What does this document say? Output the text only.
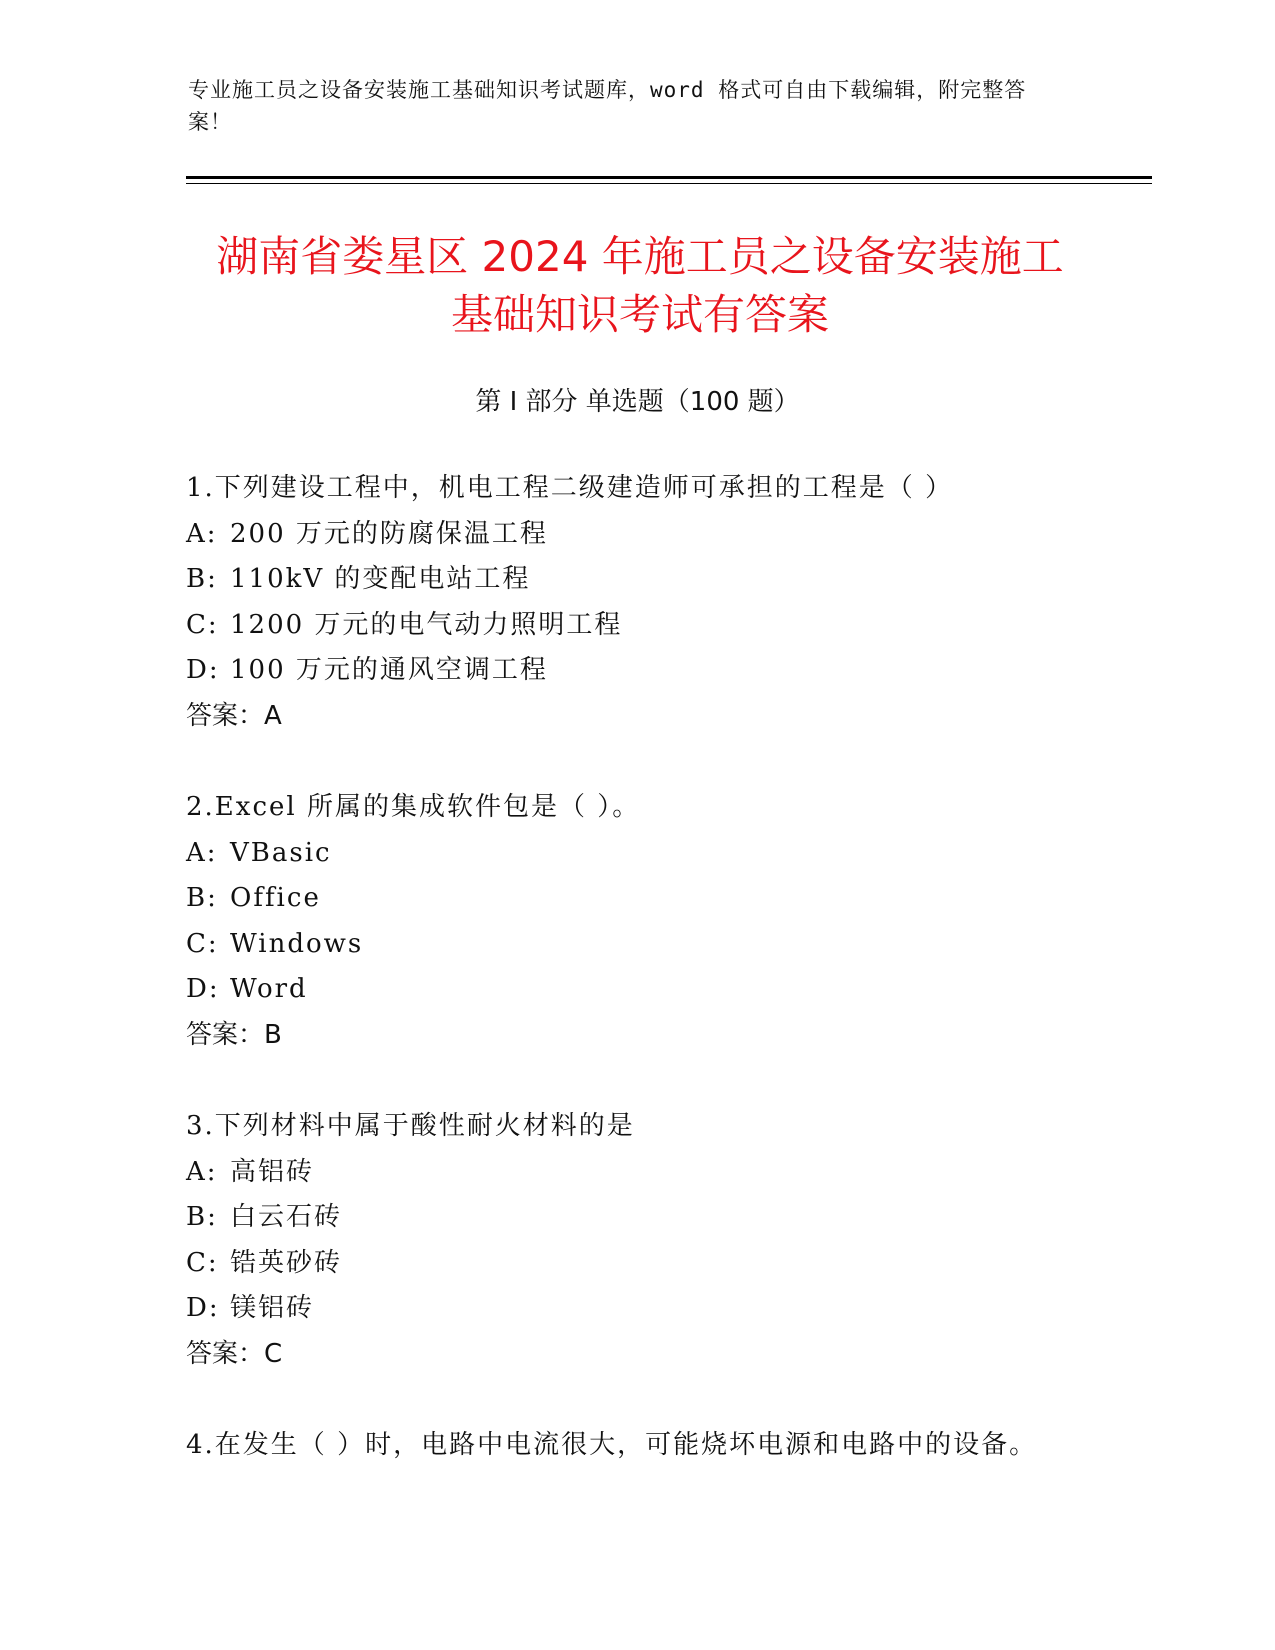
专业施工员之设备安装施工基础知识考试题库，word 格式可自由下载编辑，附完整答案！
湖南省娄星区 2024 年施工员之设备安装施工
基础知识考试有答案
第 I 部分 单选题（100 题）
1.下列建设工程中，机电工程二级建造师可承担的工程是（ ）
A: 200 万元的防腐保温工程
B: 110kV 的变配电站工程
C: 1200 万元的电气动力照明工程
D: 100 万元的通风空调工程
答案：A
2.Excel 所属的集成软件包是（ ）。
A: VBasic
B: Office
C: Windows
D: Word
答案：B
3.下列材料中属于酸性耐火材料的是
A: 高铝砖
B: 白云石砖
C: 锆英砂砖
D: 镁铝砖
答案：C
4.在发生（ ）时，电路中电流很大，可能烧坏电源和电路中的设备。
